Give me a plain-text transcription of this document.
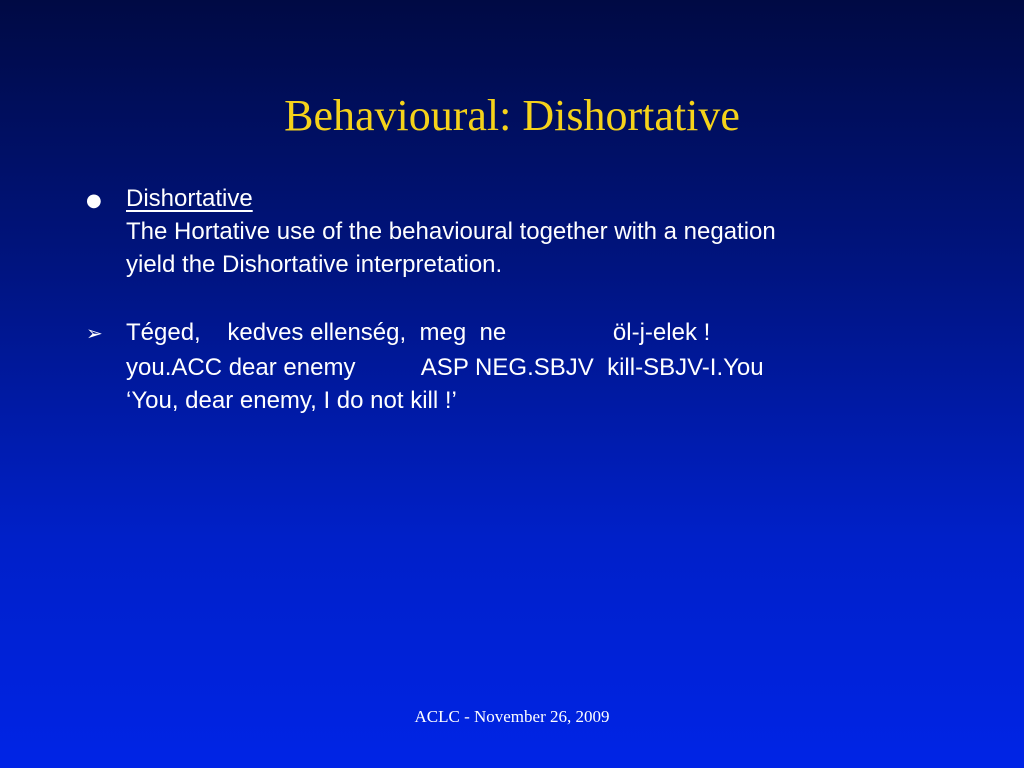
Behavioural: Dishortative
● Dishortative
The Hortative use of the behavioural together with a negation
yield the Dishortative interpretation.
➢ Téged,    kedves ellenség,  meg  ne                öl-j-elek !
you.ACC dear enemy          ASP NEG.SBJV  kill-SBJV-I.You
‘You, dear enemy, I do not kill !’
ACLC - November 26, 2009
